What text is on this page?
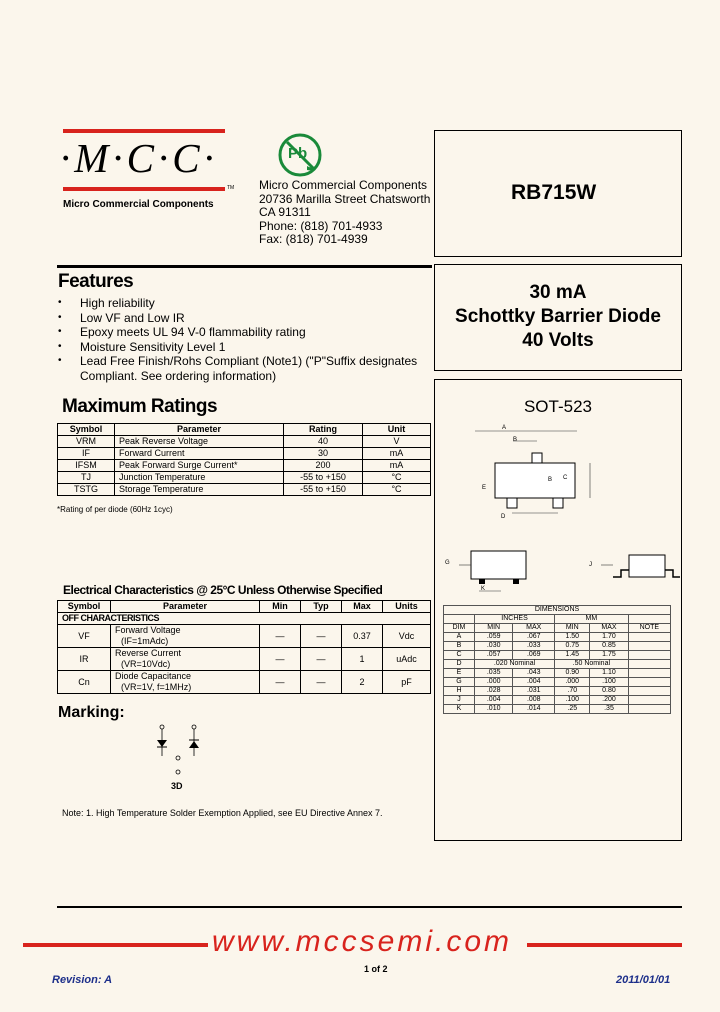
·M·C·C·
TM
Micro Commercial Components
Pb
Micro Commercial Components
20736 Marilla Street Chatsworth
CA 91311
Phone: (818) 701-4933
Fax: (818) 701-4939
RB715W
Features
• High reliability
• Low VF and Low IR
• Epoxy meets UL 94 V-0 flammability rating
• Moisture Sensitivity Level 1
• Lead Free Finish/Rohs Compliant (Note1) ("P"Suffix designates Compliant. See ordering information)
30 mA
Schottky Barrier Diode
40 Volts
Maximum Ratings
Symbol	Parameter	Rating	Unit
VRM	Peak Reverse Voltage	40	V
IF	Forward Current	30	mA
IFSM	Peak Forward Surge Current*	200	mA
TJ	Junction Temperature	-55 to +150	°C
TSTG	Storage Temperature	-55 to +150	°C
*Rating of per diode (60Hz 1cyc)
Electrical Characteristics @ 25°C Unless Otherwise Specified
Symbol	Parameter	Min	Typ	Max	Units
OFF CHARACTERISTICS					
VF	Forward Voltage
(IF=1mAdc)	—	—	0.37	Vdc
IR	Reverse Current
(VR=10Vdc)	—	—	1	uAdc
Cn	Diode Capacitance
(VR=1V, f=1MHz)	—	—	2	pF
Marking:
3D
Note: 1. High Temperature Solder Exemption Applied, see EU Directive Annex 7.
SOT-523
A
B
B C
D
E
G	J
K
DIMENSIONS					
	INCHES		MM		
DIM	MIN	MAX	MIN	MAX	NOTE
A	.059	.067	1.50	1.70	
B	.030	.033	0.75	0.85	
C	.057	.069	1.45	1.75	
D	.020 Nominal		.50 Nominal		
E	.035	.043	0.90	1.10	
G	.000	.004	.000	.100	
H	.028	.031	.70	0.80	
J	.004	.008	.100	.200	
K	.010	.014	.25	.35	
www.mccsemi.com
Revision: A
1 of 2
2011/01/01
